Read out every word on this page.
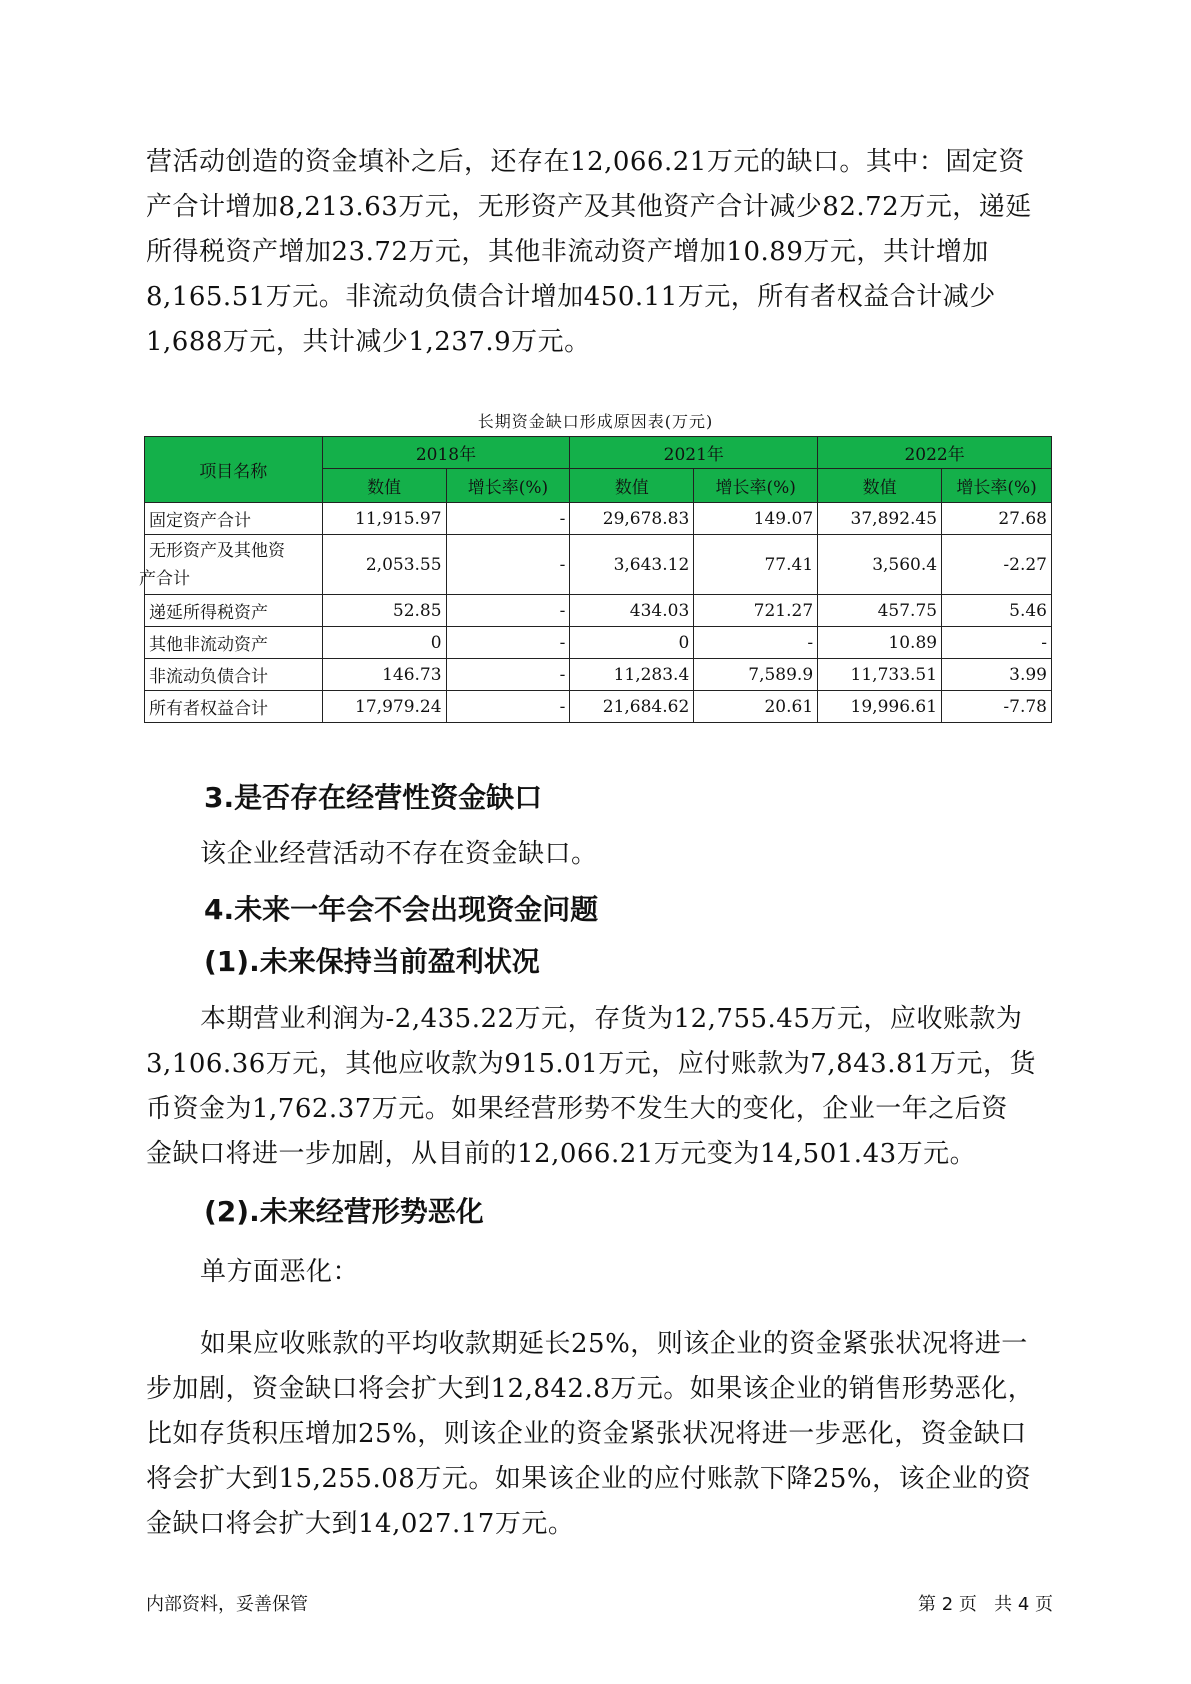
营活动创造的资金填补之后，还存在12,066.21万元的缺口。其中：固定资
产合计增加8,213.63万元，无形资产及其他资产合计减少82.72万元，递延
所得税资产增加23.72万元，其他非流动资产增加10.89万元，共计增加
8,165.51万元。非流动负债合计增加450.11万元，所有者权益合计减少
1,688万元，共计减少1,237.9万元。
长期资金缺口形成原因表(万元)
项目名称	2018年		2021年		2022年	
	数值	增长率(%)	数值	增长率(%)	数值	增长率(%)
固定资产合计	11,915.97	-	29,678.83	149.07	37,892.45	27.68
无形资产及其他资
产合计	2,053.55	-	3,643.12	77.41	3,560.4	-2.27
递延所得税资产	52.85	-	434.03	721.27	457.75	5.46
其他非流动资产	0	-	0	-	10.89	-
非流动负债合计	146.73	-	11,283.4	7,589.9	11,733.51	3.99
所有者权益合计	17,979.24	-	21,684.62	20.61	19,996.61	-7.78
3.是否存在经营性资金缺口
该企业经营活动不存在资金缺口。
4.未来一年会不会出现资金问题
(1).未来保持当前盈利状况
本期营业利润为-2,435.22万元，存货为12,755.45万元，应收账款为
3,106.36万元，其他应收款为915.01万元，应付账款为7,843.81万元，货
币资金为1,762.37万元。如果经营形势不发生大的变化，企业一年之后资
金缺口将进一步加剧，从目前的12,066.21万元变为14,501.43万元。
(2).未来经营形势恶化
单方面恶化：
如果应收账款的平均收款期延长25%，则该企业的资金紧张状况将进一
步加剧，资金缺口将会扩大到12,842.8万元。如果该企业的销售形势恶化，
比如存货积压增加25%，则该企业的资金紧张状况将进一步恶化，资金缺口
将会扩大到15,255.08万元。如果该企业的应付账款下降25%，该企业的资
金缺口将会扩大到14,027.17万元。
内部资料，妥善保管	第 2 页   共 4 页
